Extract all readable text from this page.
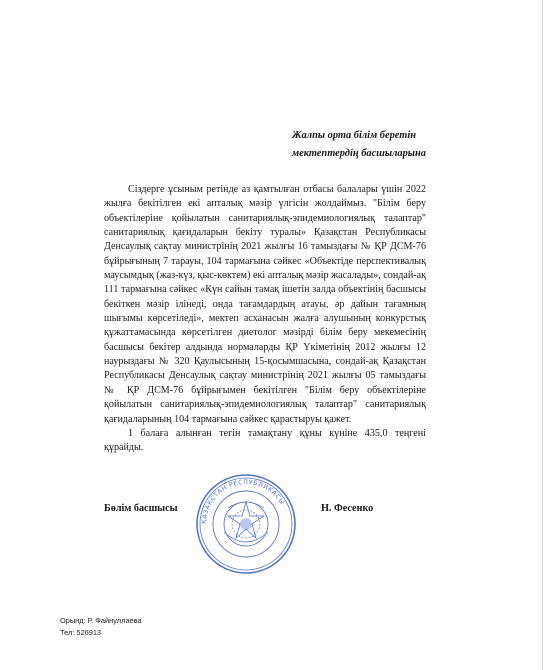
Жалпы орта білім беретін
мектептердің басшыларына

Сіздерге ұсыным ретінде аз қамтылған отбасы балалары үшін 2022 жылға бекітілген екі апталық мәзір үлгісін жолдаймыз. "Білім беру объектілеріне қойылатын санитариялық-эпидемиологиялық талаптар" санитариялық қағидаларын бекіту туралы» Қазақстан Республикасы Денсаулық сақтау министрінің 2021 жылғы 16 тамыздағы № ҚР ДСМ-76 бұйрығының 7 тарауы, 104 тармағына сәйкес «Объектіде перспективалық маусымдық (жаз-күз, қыс-көктем) екі апталық мәзір жасалады», сондай-ақ 111 тармағына сәйкес «Күн сайын тамақ ішетін залда объектінің басшысы бекіткен мәзір ілінеді, онда тағамдардың атауы, әр дайын тағамның шығымы көрсетіледі», мектеп асханасын жалға алушының конкурстық құжаттамасында көрсетілген диетолог мәзірді білім беру мекемесінің басшысы бекітер алдында нормаларды ҚР Үкіметінің 2012 жылғы 12 наурыздағы № 320 Қаулысының 15-қосымшасына, сондай-ақ Қазақстан Республикасы Денсаулық сақтау министрінің 2021 жылғы 05 тамыздағы № ҚР ДСМ-76 бұйрығымен бекітілген "Білім беру объектілеріне қойылатын санитариялық-эпидемиологиялық талаптар" санитариялық қағидаларының 104 тармағына сәйкес қарастыруы қажет.

1 балаға алынған тегін тамақтану құны күніне 435,0 теңгені құрайды.

ҚАЗАҚСТАН РЕСПУБЛИКАСЫ
Бөлім басшысы	Н. Фесенко
Орынд: Р. Файнуллаева
Тел: 526913
